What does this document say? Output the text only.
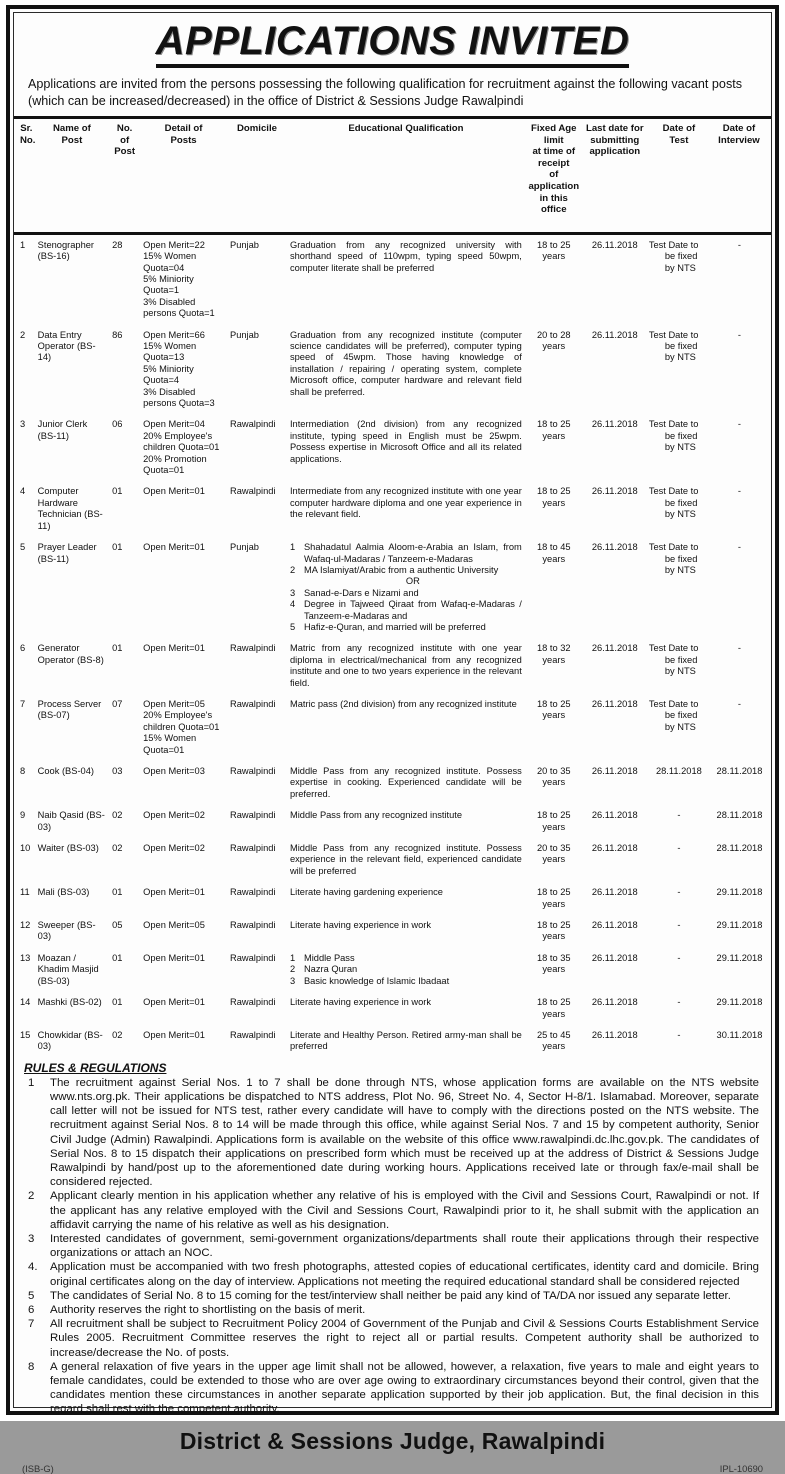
APPLICATIONS INVITED
Applications are invited from the persons possessing the following qualification for recruitment against the following vacant posts (which can be increased/decreased) in the office of District & Sessions Judge Rawalpindi
Sr.
No.	Name of
Post	No. of
Post	Detail of
Posts	Domicile	Educational Qualification	Fixed Age limit
at time of receipt
of application
in this office	Last date for
submitting
application	Date of
Test	Date of
Interview
1	Stenographer (BS-16)	28	Open Merit=22
15% Women Quota=04
5% Miniority Quota=1
3% Disabled persons Quota=1	Punjab	Graduation from any recognized university with shorthand speed of 110wpm, typing speed 50wpm, computer literate shall be preferred	18 to 25
years	26.11.2018	Test Date to
be fixed by NTS	-
2	Data Entry Operator (BS-14)	86	Open Merit=66
15% Women Quota=13
5% Miniority Quota=4
3% Disabled persons Quota=3	Punjab	Graduation from any recognized institute (computer science candidates will be preferred), computer typing speed of 45wpm. Those having knowledge of installation / repairing / operating system, complete Microsoft office, computer hardware and relevant field shall be preferred.	20 to 28
years	26.11.2018	Test Date to
be fixed by NTS
	-
3	Junior Clerk (BS-11)	06	Open Merit=04
20% Employee's children Quota=01
20% Promotion Quota=01	Rawalpindi	Intermediation (2nd division) from any recognized institute, typing speed in English must be 25wpm. Possess expertise in Microsoft Office and all its related applications.	18 to 25
years	26.11.2018	Test Date to
be fixed by NTS	-
4	Computer Hardware Technician (BS-11)	01	Open Merit=01	Rawalpindi	Intermediate from any recognized institute with one year computer hardware diploma and one year experience in the relevant field.	18 to 25
years	26.11.2018	Test Date to
be fixed by NTS	-
5	Prayer Leader (BS-11)	01	Open Merit=01	Punjab	1 Shahadatul Aalmia Aloom-e-Arabia an Islam, from Wafaq-ul-Madaras / Tanzeem-e-Madaras
2 MA Islamiyat/Arabic from a authentic University
OR
3 Sanad-e-Dars e Nizami and
4 Degree in Tajweed Qiraat from Wafaq-e-Madaras / Tanzeem-e-Madaras and
5 Hafiz-e-Quran, and married will be preferred
	18 to 45
years	26.11.2018	Test Date to
be fixed by NTS
	-
6	Generator Operator (BS-8)	01	Open Merit=01	Rawalpindi	Matric from any recognized institute with one year diploma in electrical/mechanical from any recognized institute and one to two years experience in the relevant field.	18 to 32
years	26.11.2018	Test Date to
be fixed by NTS	-
7	Process Server (BS-07)	07	Open Merit=05
20% Employee's children Quota=01
15% Women Quota=01	Rawalpindi	Matric pass (2nd division) from any recognized institute	18 to 25
years	26.11.2018	Test Date to
be fixed by NTS	-
8	Cook (BS-04)	03	Open Merit=03	Rawalpindi	Middle Pass from any recognized institute. Possess expertise in cooking. Experienced candidate will be preferred.	20 to 35
years	26.11.2018	28.11.2018	28.11.2018
9	Naib Qasid (BS-03)	02	Open Merit=02	Rawalpindi	Middle Pass from any recognized institute	18 to 25
years	26.11.2018	-	28.11.2018
10	Waiter (BS-03)	02	Open Merit=02	Rawalpindi	Middle Pass from any recognized institute. Possess experience in the relevant field, experienced candidate will be preferred	20 to 35
years	26.11.2018	-	28.11.2018
11	Mali (BS-03)	01	Open Merit=01	Rawalpindi	Literate having gardening experience	18 to 25
years	26.11.2018	-	29.11.2018
12	Sweeper (BS-03)	05	Open Merit=05	Rawalpindi	Literate having experience in work	18 to 25
years	26.11.2018	-	29.11.2018
13	Moazan / Khadim Masjid (BS-03)	01	Open Merit=01	Rawalpindi	1 Middle Pass
2 Nazra Quran
3 Basic knowledge of Islamic Ibadaat
	18 to 35
years	26.11.2018	-	29.11.2018
14	Mashki (BS-02)	01	Open Merit=01	Rawalpindi	Literate having experience in work	18 to 25
years	26.11.2018	-	29.11.2018
15	Chowkidar (BS-03)	02	Open Merit=01	Rawalpindi	Literate and Healthy Person. Retired army-man shall be preferred	25 to 45
years	26.11.2018	-	30.11.2018
RULES & REGULATIONS
1	The recruitment against Serial Nos. 1 to 7 shall be done through NTS, whose application forms are available on the NTS website www.nts.org.pk. Their applications be dispatched to NTS address, Plot No. 96, Street No. 4, Sector H-8/1. Islamabad. Moreover, separate call letter will not be issued for NTS test, rather every candidate will have to comply with the directions posted on the NTS website. The recruitment against Serial Nos. 8 to 14 will be made through this office, while against Serial Nos. 7 and 15 by competent authority, Senior Civil Judge (Admin) Rawalpindi. Applications form is available on the website of this office www.rawalpindi.dc.lhc.gov.pk. The candidates of Serial Nos. 8 to 15 dispatch their applications on prescribed form which must be received up at the address of District & Sessions Judge Rawalpindi by hand/post up to the aforementioned date during working hours. Applications received late or through fax/e-mail shall be considered rejected.
2	Applicant clearly mention in his application whether any relative of his is employed with the Civil and Sessions Court, Rawalpindi or not. If the applicant has any relative employed with the Civil and Sessions Court, Rawalpindi prior to it, he shall submit with the application an affidavit carrying the name of his relative as well as his designation.
3	Interested candidates of government, semi-government organizations/departments shall route their applications through their respective organizations or attach an NOC.
4.	Application must be accompanied with two fresh photographs, attested copies of educational certificates, identity card and domicile. Bring original certificates along on the day of interview. Applications not meeting the required educational standard shall be considered rejected
5	The candidates of Serial No. 8 to 15 coming for the test/interview shall neither be paid any kind of TA/DA nor issued any separate letter.
6	Authority reserves the right to shortlisting on the basis of merit.
7	All recruitment shall be subject to Recruitment Policy 2004 of Government of the Punjab and Civil & Sessions Courts Establishment Service Rules 2005. Recruitment Committee reserves the right to reject all or partial results. Competent authority shall be authorized to increase/decrease the No. of posts.
8	A general relaxation of five years in the upper age limit shall not be allowed, however, a relaxation, five years to male and eight years to female candidates, could be extended to those who are over age owing to extraordinary circumstances beyond their control, given that the candidates mention these circumstances in another separate application supported by their job application. But, the final decision in this regard shall rest with the competent authority.
District & Sessions Judge, Rawalpindi
(ISB-G)	IPL-10690
